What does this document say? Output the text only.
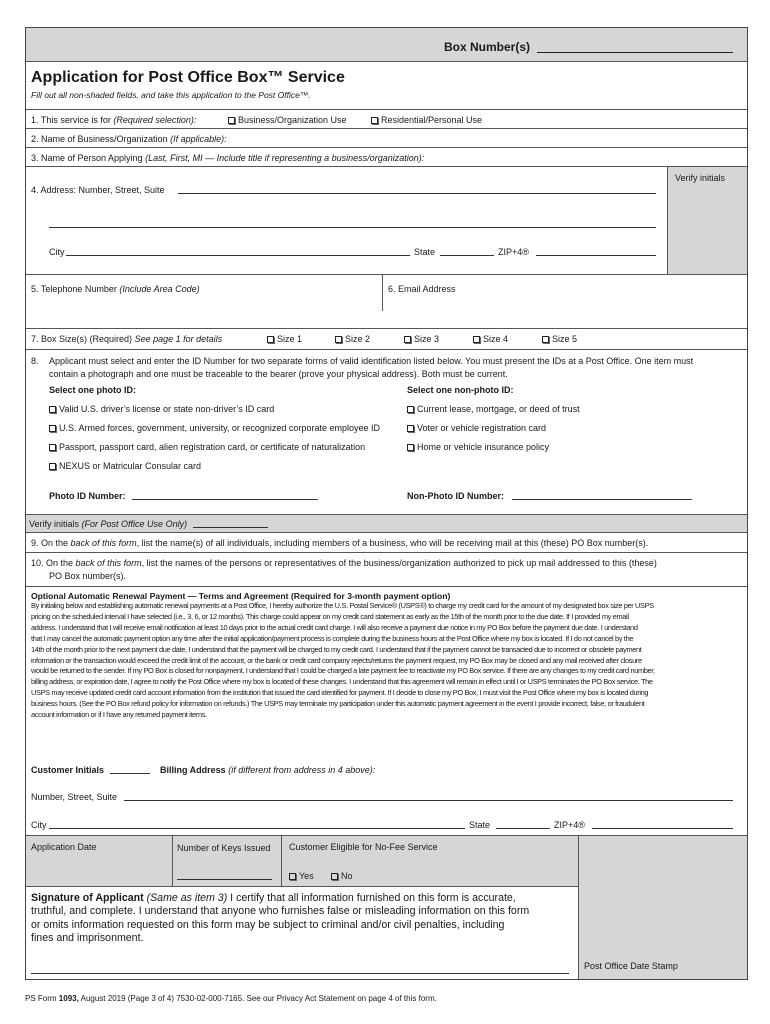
Box Number(s)
Application for Post Office Box™ Service
Fill out all non-shaded fields, and take this application to the Post Office™.
1. This service is for (Required selection):	Business/Organization Use	Residential/Personal Use
2. Name of Business/Organization (If applicable):
3. Name of Person Applying (Last, First, MI — Include title if representing a business/organization):
Verify initials
4. Address: Number, Street, Suite
City	State	ZIP+4®
5. Telephone Number (Include Area Code)	6. Email Address
7. Box Size(s) (Required) See page 1 for details	Size 1	Size 2	Size 3	Size 4	Size 5
8. Applicant must select and enter the ID Number for two separate forms of valid identification listed below. You must present the IDs at a Post Office. One item must
contain a photograph and one must be traceable to the bearer (prove your physical address). Both must be current.
Select one photo ID:	Select one non-photo ID:
Valid U.S. driver’s license or state non-driver’s ID card
U.S. Armed forces, government, university, or recognized corporate employee ID
Passport, passport card, alien registration card, or certificate of naturalization
NEXUS or Matricular Consular card
Current lease, mortgage, or deed of trust
Voter or vehicle registration card
Home or vehicle insurance policy
Photo ID Number:	Non-Photo ID Number:
Verify initials (For Post Office Use Only)
9. On the back of this form, list the name(s) of all individuals, including members of a business, who will be receiving mail at this (these) PO Box number(s).
10. On the back of this form, list the names of the persons or representatives of the business/organization authorized to pick up mail addressed to this (these)
PO Box number(s).
Optional Automatic Renewal Payment — Terms and Agreement (Required for 3-month payment option)
By initialing below and establishing automatic renewal payments at a Post Office, I hereby authorize the U.S. Postal Service® (USPS®) to charge my credit card for the amount of my designated box size per USPS
pricing on the scheduled interval I have selected (i.e., 3, 6, or 12 months). This charge could appear on my credit card statement as early as the 15th of the month prior to the due date. If I provided my email
address, I understand that I will receive email notification at least 10 days prior to the actual credit card charge. I will also receive a payment due notice in my PO Box before the payment due date. I understand
that I may cancel the automatic payment option any time after the initial application/payment process is complete during the business hours at the Post Office where my box is located. If I do not cancel by the
14th of the month prior to the next payment due date, I understand that the payment will be charged to my credit card. I understand that if the payment cannot be transacted due to incorrect or obsolete payment
information or the transaction would exceed the credit limit of the account, or the bank or credit card company rejects/returns the payment request, my PO Box may be closed and any mail received after closure
would be returned to the sender. If my PO Box is closed for nonpayment, I understand that I could be charged a late payment fee to reactivate my PO Box service. If there are any changes to my credit card number,
billing address, or expiration date, I agree to notify the Post Office where my box is located of these changes. I understand that this agreement will remain in effect until I or USPS terminates the PO Box service. The
USPS may receive updated credit card account information from the institution that issued the card identified for payment. If I decide to close my PO Box, I must visit the Post Office where my box is located during
business hours. (See the PO Box refund policy for information on refunds.) The USPS may terminate my participation under this automatic payment agreement in the event I provide incorrect, false, or fraudulent
account information or if I have any returned payment items.
Customer Initials	Billing Address (if different from address in 4 above):
Number, Street, Suite
City	State	ZIP+4®
Application Date	Number of Keys Issued	Customer Eligible for No-Fee Service
Yes	No
Post Office Date Stamp
Signature of Applicant (Same as item 3) I certify that all information furnished on this form is accurate,
truthful, and complete. I understand that anyone who furnishes false or misleading information on this form
or omits information requested on this form may be subject to criminal and/or civil penalties, including
fines and imprisonment.
PS Form 1093, August 2019 (Page 3 of 4) 7530-02-000-7165. See our Privacy Act Statement on page 4 of this form.
